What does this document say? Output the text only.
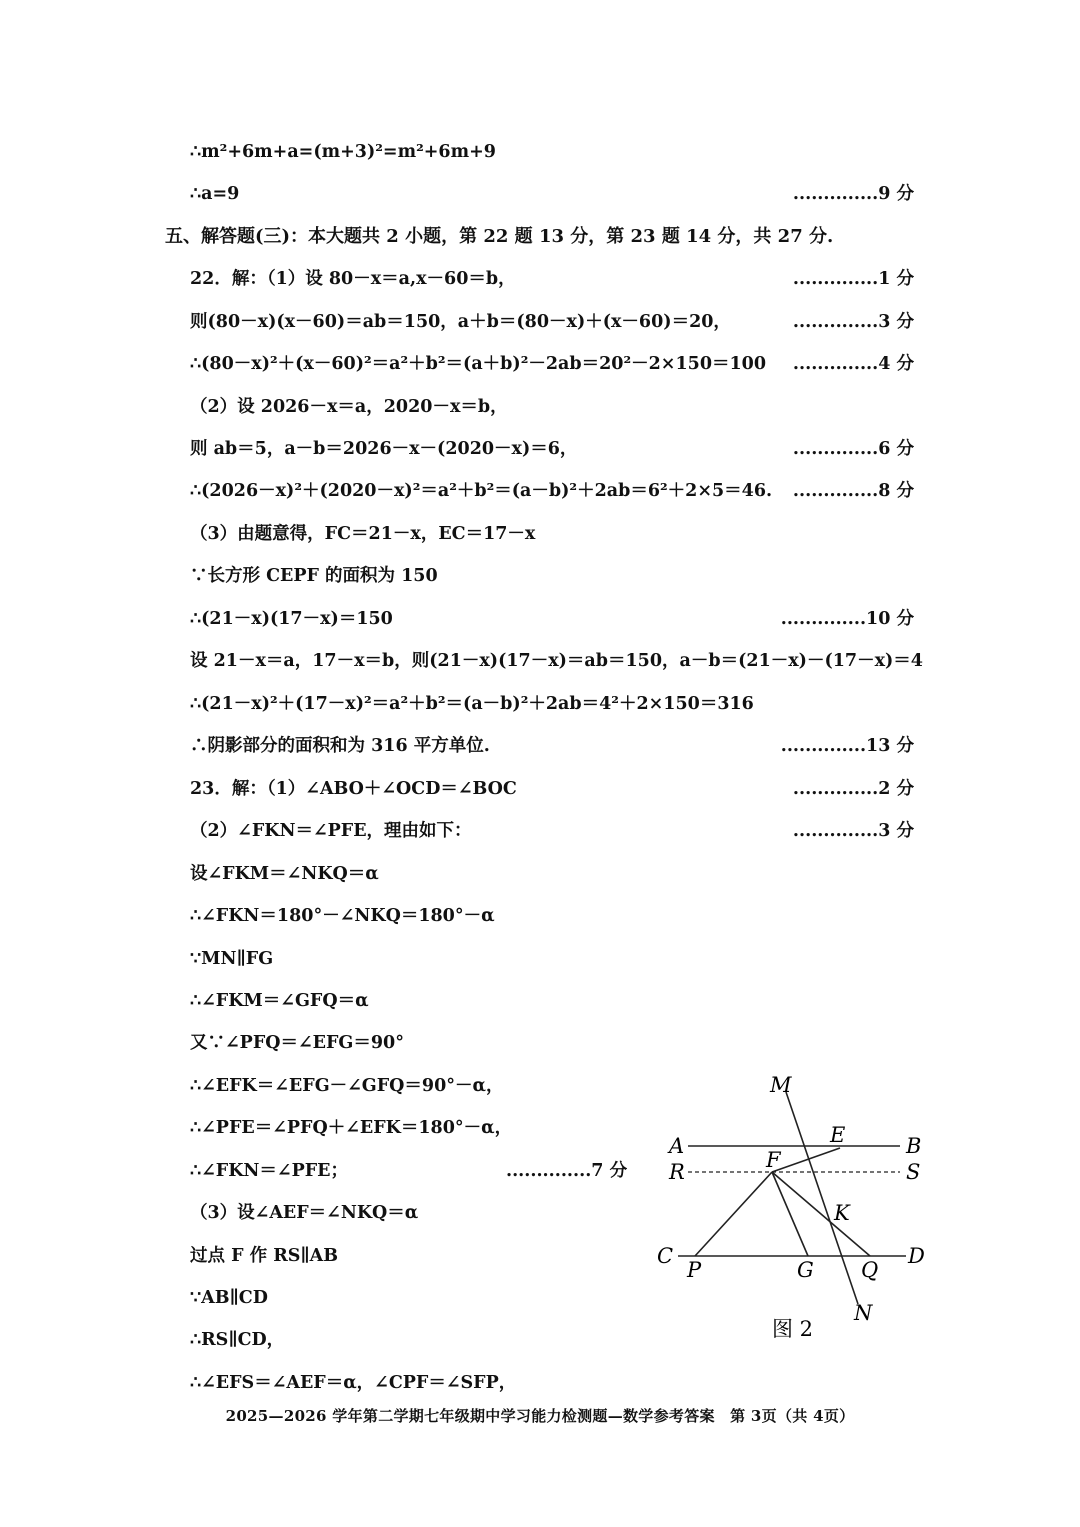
∴m²+6m+a=(m+3)²=m²+6m+9
∴a=9	..............9 分
五、解答题(三)：本大题共 2 小题，第 22 题 13 分，第 23 题 14 分，共 27 分.
22．解：（1）设 80－x＝a,x－60＝b，	..............1 分
则(80－x)(x－60)＝ab＝150，a＋b＝(80－x)＋(x－60)＝20，	..............3 分
∴(80－x)²＋(x－60)²＝a²＋b²＝(a＋b)²－2ab＝20²－2×150＝100 ..............4 分
（2）设 2026－x＝a，2020－x＝b，
则 ab＝5，a－b＝2026－x－(2020－x)＝6，	..............6 分
∴(2026－x)²＋(2020－x)²＝a²＋b²＝(a－b)²＋2ab＝6²＋2×5＝46. ..............8 分
（3）由题意得，FC＝21－x，EC＝17－x
∵长方形 CEPF 的面积为 150
∴(21－x)(17－x)＝150	..............10 分
设 21－x＝a，17－x＝b，则(21－x)(17－x)＝ab＝150，a－b＝(21－x)－(17－x)＝4
∴(21－x)²＋(17－x)²＝a²＋b²＝(a－b)²＋2ab＝4²＋2×150＝316
∴阴影部分的面积和为 316 平方单位.	..............13 分
23．解：（1）∠ABO＋∠OCD＝∠BOC	..............2 分
（2）∠FKN＝∠PFE，理由如下：	..............3 分
设∠FKM＝∠NKQ＝α
∴∠FKN＝180°－∠NKQ＝180°－α
∵MN∥FG
∴∠FKM＝∠GFQ＝α
又∵∠PFQ＝∠EFG＝90°
∴∠EFK＝∠EFG－∠GFQ＝90°－α，
∴∠PFE＝∠PFQ＋∠EFK＝180°－α，
∴∠FKN＝∠PFE；	..............7 分
（3）设∠AEF＝∠NKQ＝α
过点 F 作 RS∥AB
∵AB∥CD
∴RS∥CD，
∴∠EFS＝∠AEF＝α，∠CPF＝∠SFP，
M
E
A	B
F
R	S
K
C	D
P	G Q
N
图 2
2025—2026 学年第二学期七年级期中学习能力检测题—数学参考答案　第 3页（共 4页）
